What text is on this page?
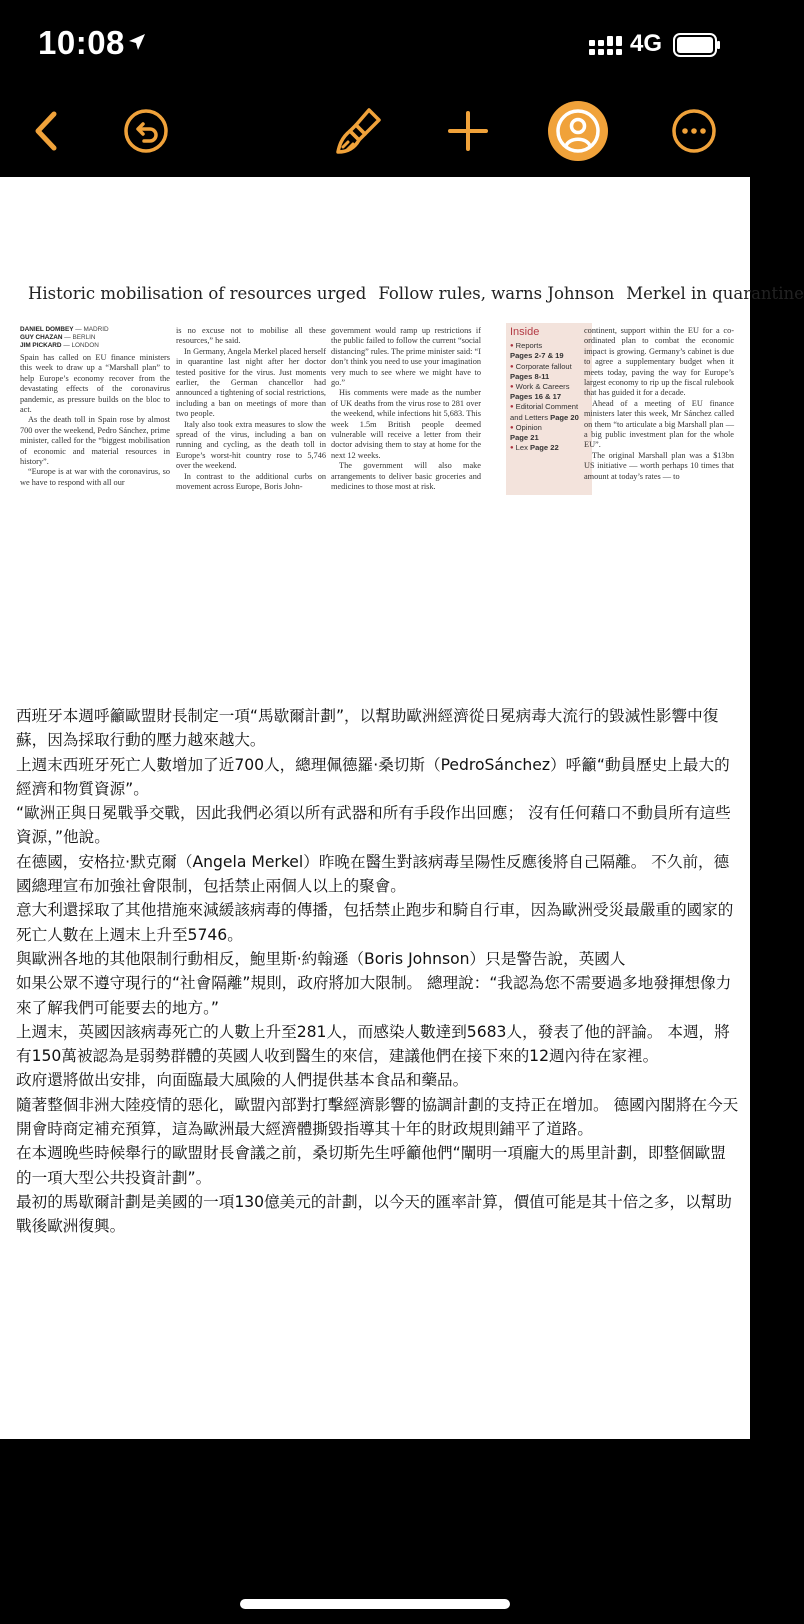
10:08	4G
Historic mobilisation of resources urged Follow rules, warns Johnson Merkel in quarantine
DANIEL DOMBEY — MADRID
GUY CHAZAN — BERLIN
JIM PICKARD — LONDON

Spain has called on EU finance ministers this week to draw up a “Marshall plan” to help Europe’s economy recover from the devastating effects of the coronavirus pandemic, as pressure builds on the bloc to act.

As the death toll in Spain rose by almost 700 over the weekend, Pedro Sánchez, prime minister, called for the “biggest mobilisation of economic and material resources in history”.

“Europe is at war with the coronavirus, so we have to respond with all our

is no excuse not to mobilise all these resources,” he said.

In Germany, Angela Merkel placed herself in quarantine last night after her doctor tested positive for the virus. Just moments earlier, the German chancellor had announced a tightening of social restrictions, including a ban on meetings of more than two people.

Italy also took extra measures to slow the spread of the virus, including a ban on running and cycling, as the death toll in Europe’s worst-hit country rose to 5,746 over the weekend.

In contrast to the additional curbs on movement across Europe, Boris John-

government would ramp up restrictions if the public failed to follow the current “social distancing” rules. The prime minister said: “I don’t think you need to use your imagination very much to see where we might have to go.”

His comments were made as the number of UK deaths from the virus rose to 281 over the weekend, while infections hit 5,683. This week 1.5m British people deemed vulnerable will receive a letter from their doctor advising them to stay at home for the next 12 weeks.

The government will also make arrangements to deliver basic groceries and medicines to those most at risk.

Inside
● Reports
Pages 2-7 & 19
● Corporate fallout
Pages 8-11
● Work & Careers
Pages 16 & 17
● Editorial Comment and Letters Page 20
● Opinion
Page 21
● Lex Page 22

continent, support within the EU for a co-ordinated plan to combat the economic impact is growing. Germany’s cabinet is due to agree a supplementary budget when it meets today, paving the way for Europe’s largest economy to rip up the fiscal rulebook that has guided it for a decade.

Ahead of a meeting of EU finance ministers later this week, Mr Sánchez called on them “to articulate a big Marshall plan — a big public investment plan for the whole EU”.

The original Marshall plan was a $13bn US initiative — worth perhaps 10 times that amount at today’s rates — to

西班牙本週呼籲歐盟財長制定一項“馬歇爾計劃”，以幫助歐洲經濟從日冕病毒大流行的毀滅性影響中復蘇，因為採取行動的壓力越來越大。

上週末西班牙死亡人數增加了近700人，總理佩德羅·桑切斯（PedroSánchez）呼籲“動員歷史上最大的經濟和物質資源”。

“歐洲正與日冕戰爭交戰，因此我們必須以所有武器和所有手段作出回應； 沒有任何藉口不動員所有這些資源，”他說。

在德國，安格拉·默克爾（Angela Merkel）昨晚在醫生對該病毒呈陽性反應後將自己隔離。 不久前，德國總理宣布加強社會限制，包括禁止兩個人以上的聚會。

意大利還採取了其他措施來減緩該病毒的傳播，包括禁止跑步和騎自行車，因為歐洲受災最嚴重的國家的死亡人數在上週末上升至5746。

與歐洲各地的其他限制行動相反，鮑里斯·約翰遜（Boris Johnson）只是警告說，英國人

如果公眾不遵守現行的“社會隔離”規則，政府將加大限制。 總理說：“我認為您不需要過多地發揮想像力來了解我們可能要去的地方。”

上週末，英國因該病毒死亡的人數上升至281人，而感染人數達到5683人，發表了他的評論。 本週，將有150萬被認為是弱勢群體的英國人收到醫生的來信，建議他們在接下來的12週內待在家裡。

政府還將做出安排，向面臨最大風險的人們提供基本食品和藥品。

隨著整個非洲大陸疫情的惡化，歐盟內部對打擊經濟影響的協調計劃的支持正在增加。 德國內閣將在今天開會時商定補充預算，這為歐洲最大經濟體撕毀指導其十年的財政規則鋪平了道路。

在本週晚些時候舉行的歐盟財長會議之前，桑切斯先生呼籲他們“闡明一項龐大的馬里計劃，即整個歐盟的一項大型公共投資計劃”。

最初的馬歇爾計劃是美國的一項130億美元的計劃，以今天的匯率計算，價值可能是其十倍之多，以幫助戰後歐洲復興。
